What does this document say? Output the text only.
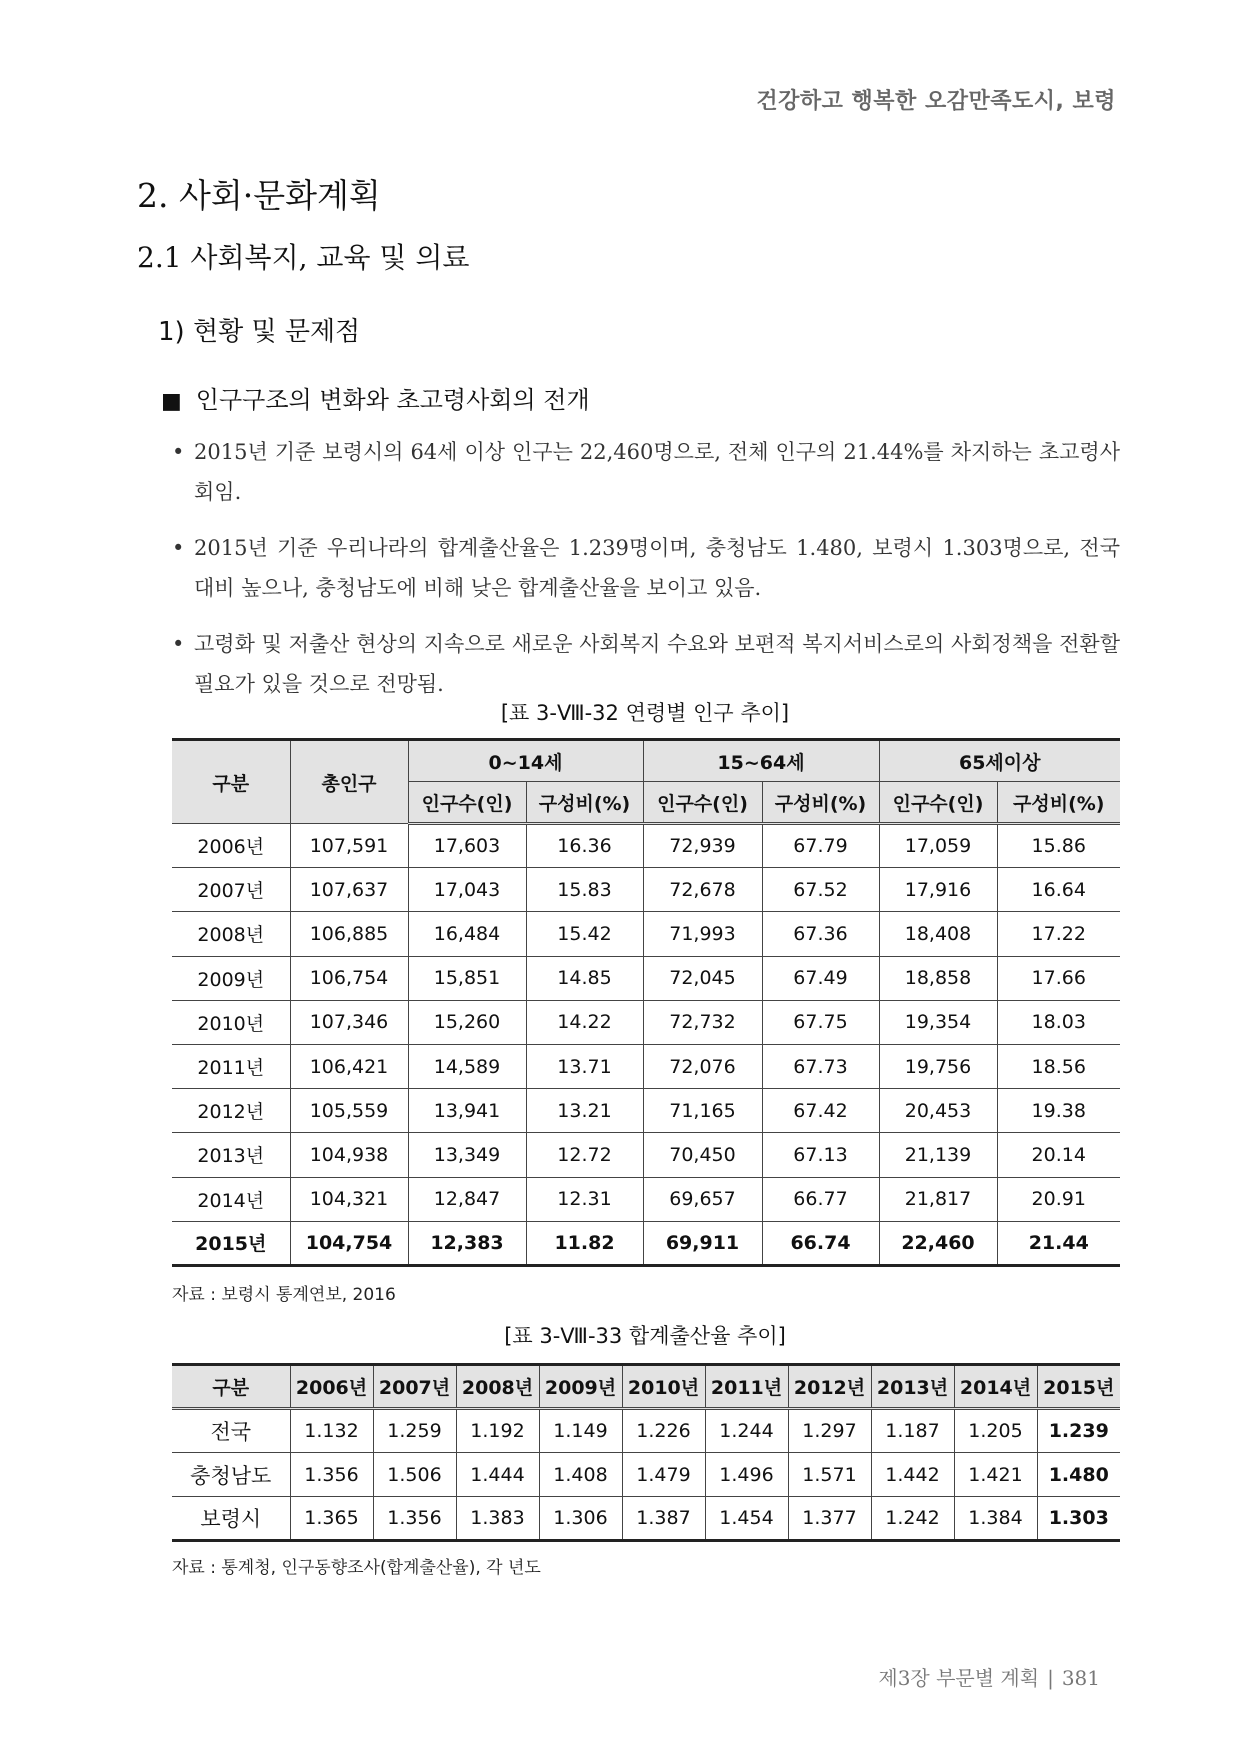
건강하고 행복한 오감만족도시, 보령
2. 사회·문화계획
2.1 사회복지, 교육 및 의료
1) 현황 및 문제점
■ 인구구조의 변화와 초고령사회의 전개
• 2015년 기준 보령시의 64세 이상 인구는 22,460명으로, 전체 인구의 21.44%를 차지하는 초고령사회임.
• 2015년 기준 우리나라의 합계출산율은 1.239명이며, 충청남도 1.480, 보령시 1.303명으로, 전국 대비 높으나, 충청남도에 비해 낮은 합계출산율을 보이고 있음.
• 고령화 및 저출산 현상의 지속으로 새로운 사회복지 수요와 보편적 복지서비스로의 사회정책을 전환할 필요가 있을 것으로 전망됨.
[표 3-Ⅷ-32 연령별 인구 추이]
구분	총인구	0~14세		15~64세		65세이상	
		인구수(인)	구성비(%)	인구수(인)	구성비(%)	인구수(인)	구성비(%)
2006년	107,591	17,603	16.36	72,939	67.79	17,059	15.86
2007년	107,637	17,043	15.83	72,678	67.52	17,916	16.64
2008년	106,885	16,484	15.42	71,993	67.36	18,408	17.22
2009년	106,754	15,851	14.85	72,045	67.49	18,858	17.66
2010년	107,346	15,260	14.22	72,732	67.75	19,354	18.03
2011년	106,421	14,589	13.71	72,076	67.73	19,756	18.56
2012년	105,559	13,941	13.21	71,165	67.42	20,453	19.38
2013년	104,938	13,349	12.72	70,450	67.13	21,139	20.14
2014년	104,321	12,847	12.31	69,657	66.77	21,817	20.91
2015년	104,754	12,383	11.82	69,911	66.74	22,460	21.44
자료 : 보령시 통계연보, 2016
[표 3-Ⅷ-33 합계출산율 추이]
구분	2006년	2007년	2008년	2009년	2010년	2011년	2012년	2013년	2014년	2015년
전국	1.132	1.259	1.192	1.149	1.226	1.244	1.297	1.187	1.205	1.239
충청남도	1.356	1.506	1.444	1.408	1.479	1.496	1.571	1.442	1.421	1.480
보령시	1.365	1.356	1.383	1.306	1.387	1.454	1.377	1.242	1.384	1.303
자료 : 통계청, 인구동향조사(합계출산율), 각 년도
제3장 부문별 계획 | 381
